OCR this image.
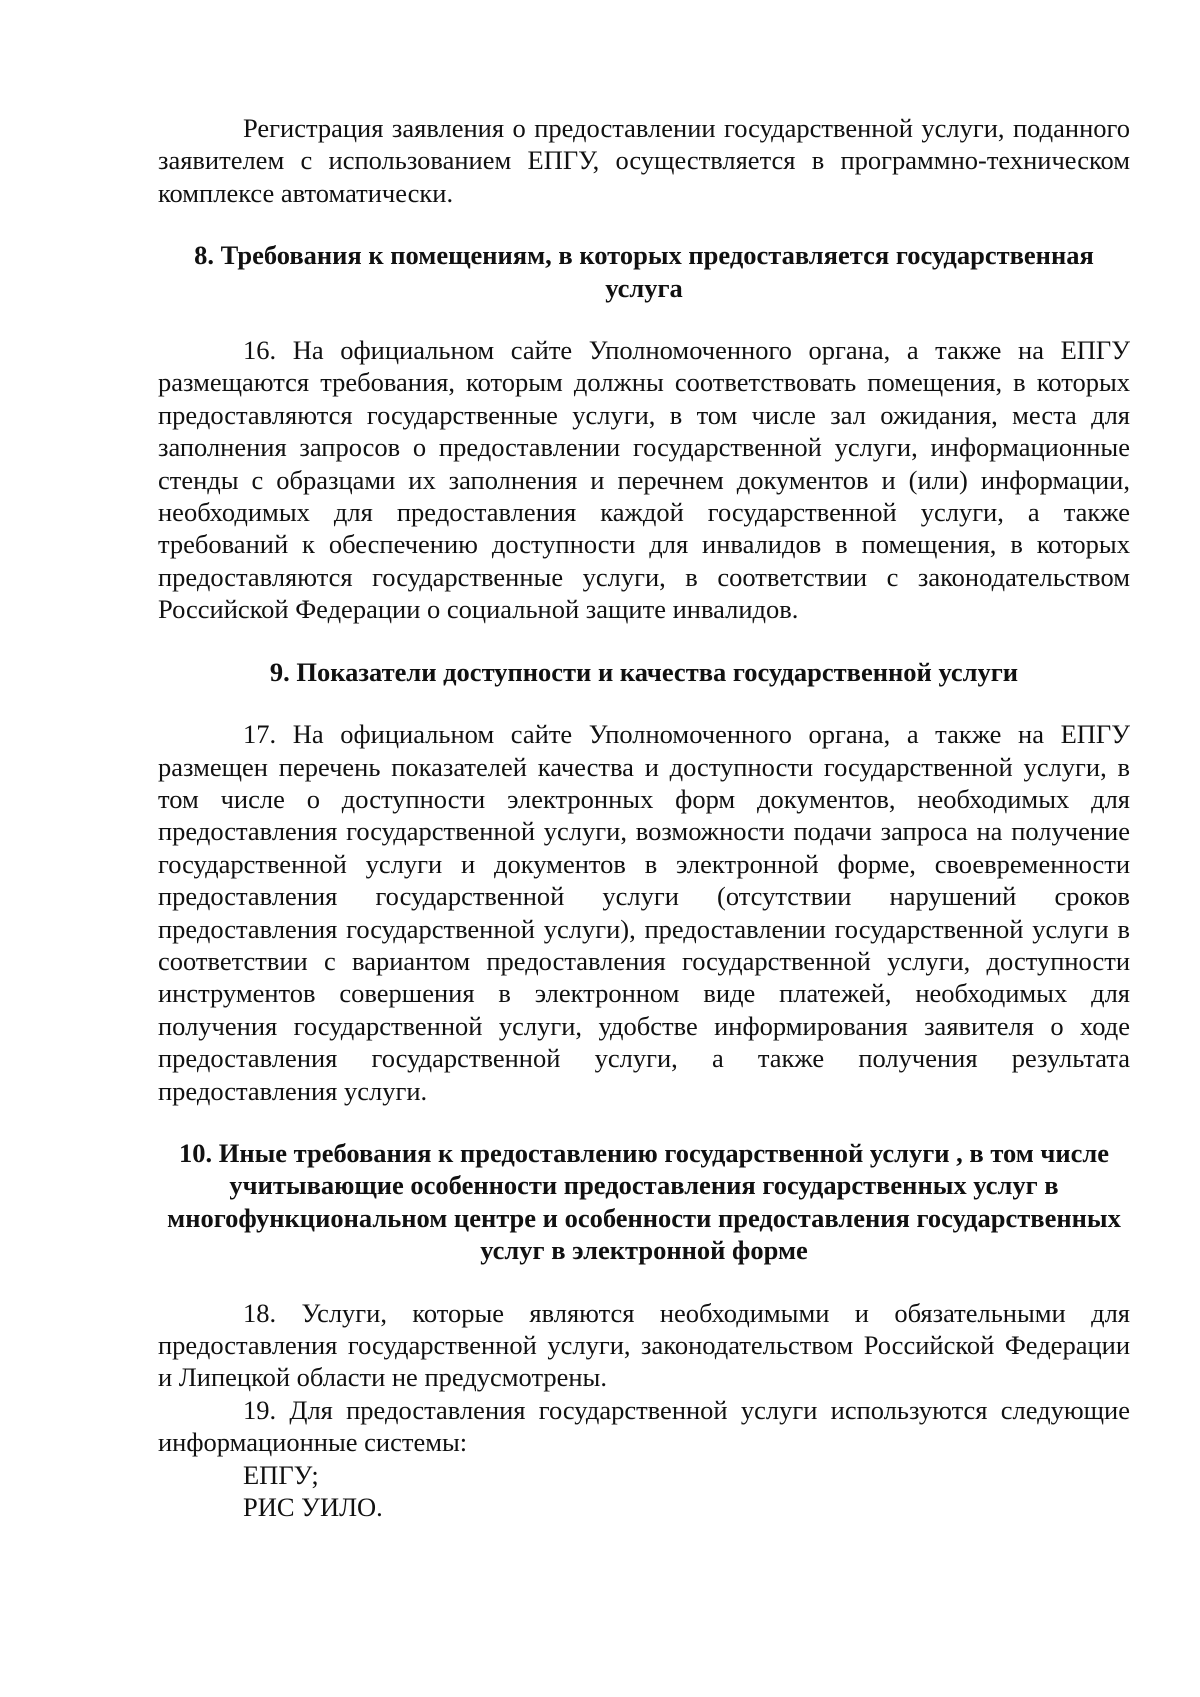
Регистрация заявления о предоставлении государственной услуги, поданного заявителем с использованием ЕПГУ, осуществляется в программно-техническом комплексе автоматически.

8. Требования к помещениям, в которых предоставляется государственная услуга

16. На официальном сайте Уполномоченного органа, а также на ЕПГУ размещаются требования, которым должны соответствовать помещения, в которых предоставляются государственные услуги, в том числе зал ожидания, места для заполнения запросов о предоставлении государственной услуги, информационные стенды с образцами их заполнения и перечнем документов и (или) информации, необходимых для предоставления каждой государственной услуги, а также требований к обеспечению доступности для инвалидов в помещения, в которых предоставляются государственные услуги, в соответствии с законодательством Российской Федерации о социальной защите инвалидов.

9. Показатели доступности и качества государственной услуги

17. На официальном сайте Уполномоченного органа, а также на ЕПГУ размещен перечень показателей качества и доступности государственной услуги, в том числе о доступности электронных форм документов, необходимых для предоставления государственной услуги, возможности подачи запроса на получение государственной услуги и документов в электронной форме, своевременности предоставления государственной услуги (отсутствии нарушений сроков предоставления государственной услуги), предоставлении государственной услуги в соответствии с вариантом предоставления государственной услуги, доступности инструментов совершения в электронном виде платежей, необходимых для получения государственной услуги, удобстве информирования заявителя о ходе предоставления государственной услуги, а также получения результата предоставления услуги.

10. Иные требования к предоставлению государственной услуги , в том числе учитывающие особенности предоставления государственных услуг в многофункциональном центре и особенности предоставления государственных услуг в электронной форме

18. Услуги, которые являются необходимыми и обязательными для предоставления государственной услуги, законодательством Российской Федерации и Липецкой области не предусмотрены.

19. Для предоставления государственной услуги используются следующие информационные системы:

ЕПГУ;

РИС УИЛО.
